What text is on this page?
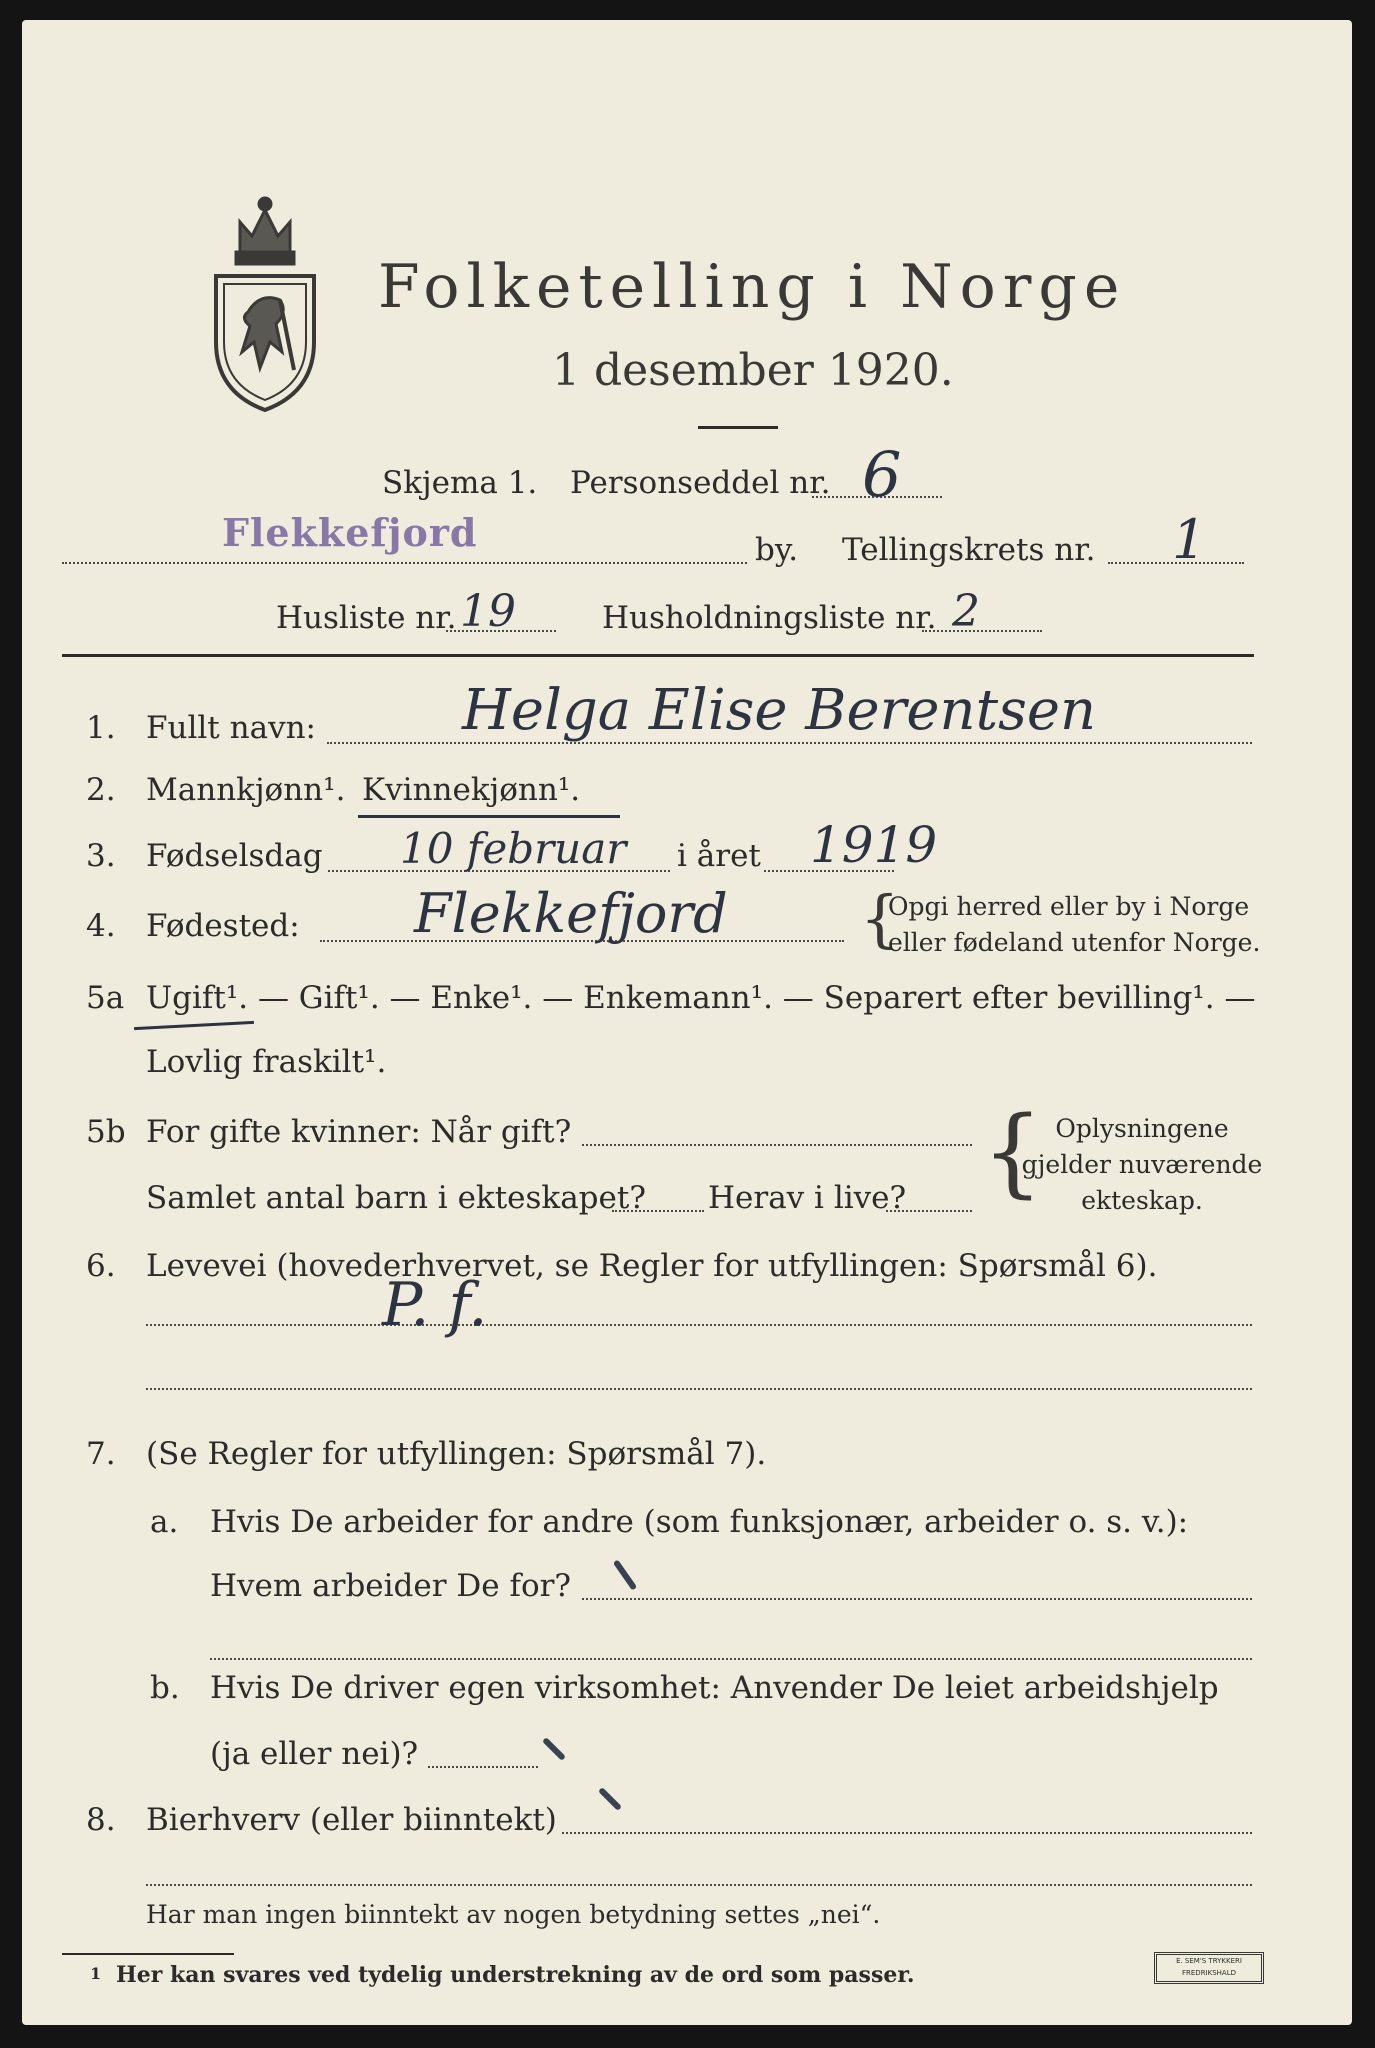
Folketelling i Norge
1 desember 1920.
Skjema 1. Personseddel nr. 6
Flekkefjord	by. Tellingskrets nr. 1
Husliste nr. 19	Husholdningsliste nr. 2
1. Fullt navn:	Helga Elise Berentsen
2. Mannkjønn¹. Kvinnekjønn¹.
3. Fødselsdag 10 februar i året 1919
4. Fødested: Flekkefjord {
Opgi herred eller by i Norge
eller fødeland utenfor Norge.
5a Ugift¹. — Gift¹. — Enke¹. — Enkemann¹. — Separert efter bevilling¹. —
Lovlig fraskilt¹.
5b For gifte kvinner: Når gift?
Samlet antal barn i ekteskapet? Herav i live? { Oplysningene
gjelder nuværende
ekteskap.
6. Levevei (hovederhvervet, se Regler for utfyllingen: Spørsmål 6).
P. f.
7. (Se Regler for utfyllingen: Spørsmål 7).
a. Hvis De arbeider for andre (som funksjonær, arbeider o. s. v.):
Hvem arbeider De for?
b. Hvis De driver egen virksomhet: Anvender De leiet arbeidshjelp
(ja eller nei)?
8. Bierhverv (eller biinntekt)
Har man ingen biinntekt av nogen betydning settes „nei“.
1 Her kan svares ved tydelig understrekning av de ord som passer.
E. SEM'S TRYKKERI FREDRIKSHALD
